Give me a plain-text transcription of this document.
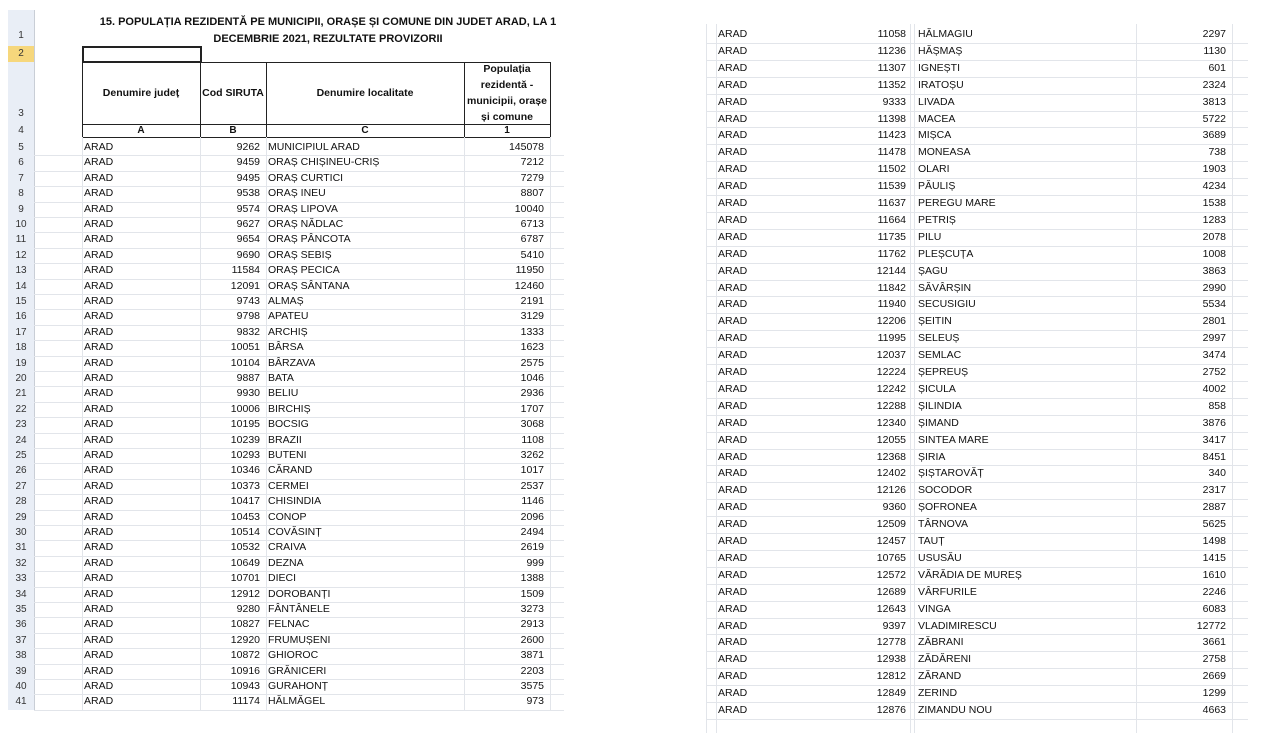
1
2
3
4
5
6
7
8
9
10
11
12
13
14
15
16
17
18
19
20
21
22
23
24
25
26
27
28
29
30
31
32
33
34
35
36
37
38
39
40
41
15. POPULAȚIA REZIDENTĂ PE MUNICIPII, ORAȘE ȘI COMUNE DIN JUDET ARAD, LA 1
DECEMBRIE 2021, REZULTATE PROVIZORII
Denumire județ	Cod SIRUTA	Denumire localitate
Populația rezidentă - municipii, orașe și comune
A	B	C	1
ARAD	9262 MUNICIPIUL ARAD	145078
ARAD	9459 ORAȘ CHIȘINEU-CRIȘ	7212
ARAD	9495 ORAȘ CURTICI	7279
ARAD	9538 ORAȘ INEU	8807
ARAD	9574 ORAȘ LIPOVA	10040
ARAD	9627 ORAȘ NĂDLAC	6713
ARAD	9654 ORAȘ PÂNCOTA	6787
ARAD	9690 ORAȘ SEBIȘ	5410
ARAD	11584 ORAȘ PECICA	11950
ARAD	12091 ORAȘ SÂNTANA	12460
ARAD	9743 ALMAȘ	2191
ARAD	9798 APATEU	3129
ARAD	9832 ARCHIȘ	1333
ARAD	10051 BÂRSA	1623
ARAD	10104 BÂRZAVA	2575
ARAD	9887 BATA	1046
ARAD	9930 BELIU	2936
ARAD	10006 BIRCHIȘ	1707
ARAD	10195 BOCSIG	3068
ARAD	10239 BRAZII	1108
ARAD	10293 BUTENI	3262
ARAD	10346 CĂRAND	1017
ARAD	10373 CERMEI	2537
ARAD	10417 CHISINDIA	1146
ARAD	10453 CONOP	2096
ARAD	10514 COVĂSINȚ	2494
ARAD	10532 CRAIVA	2619
ARAD	10649 DEZNA	999
ARAD	10701 DIECI	1388
ARAD	12912 DOROBANȚI	1509
ARAD	9280 FÂNTÂNELE	3273
ARAD	10827 FELNAC	2913
ARAD	12920 FRUMUȘENI	2600
ARAD	10872 GHIOROC	3871
ARAD	10916 GRĂNICERI	2203
ARAD	10943 GURAHONȚ	3575
ARAD	11174 HĂLMĂGEL	973
ARAD	11058 HĂLMAGIU	2297
ARAD	11236 HĂȘMAȘ	1130
ARAD	11307 IGNEȘTI	601
ARAD	11352 IRATOȘU	2324
ARAD	9333 LIVADA	3813
ARAD	11398 MACEA	5722
ARAD	11423 MIȘCA	3689
ARAD	11478 MONEASA	738
ARAD	11502 OLARI	1903
ARAD	11539 PĂULIȘ	4234
ARAD	11637 PEREGU MARE	1538
ARAD	11664 PETRIȘ	1283
ARAD	11735 PILU	2078
ARAD	11762 PLEȘCUȚA	1008
ARAD	12144 ȘAGU	3863
ARAD	11842 SĂVÂRȘIN	2990
ARAD	11940 SECUSIGIU	5534
ARAD	12206 ȘEITIN	2801
ARAD	11995 SELEUȘ	2997
ARAD	12037 SEMLAC	3474
ARAD	12224 ȘEPREUȘ	2752
ARAD	12242 ȘICULA	4002
ARAD	12288 ȘILINDIA	858
ARAD	12340 ȘIMAND	3876
ARAD	12055 SINTEA MARE	3417
ARAD	12368 ȘIRIA	8451
ARAD	12402 ȘIȘTAROVĂȚ	340
ARAD	12126 SOCODOR	2317
ARAD	9360 ȘOFRONEA	2887
ARAD	12509 TÂRNOVA	5625
ARAD	12457 TAUȚ	1498
ARAD	10765 USUSĂU	1415
ARAD	12572 VĂRĂDIA DE MUREȘ	1610
ARAD	12689 VÂRFURILE	2246
ARAD	12643 VINGA	6083
ARAD	9397 VLADIMIRESCU	12772
ARAD	12778 ZĂBRANI	3661
ARAD	12938 ZĂDĂRENI	2758
ARAD	12812 ZĂRAND	2669
ARAD	12849 ZERIND	1299
ARAD	12876 ZIMANDU NOU	4663
